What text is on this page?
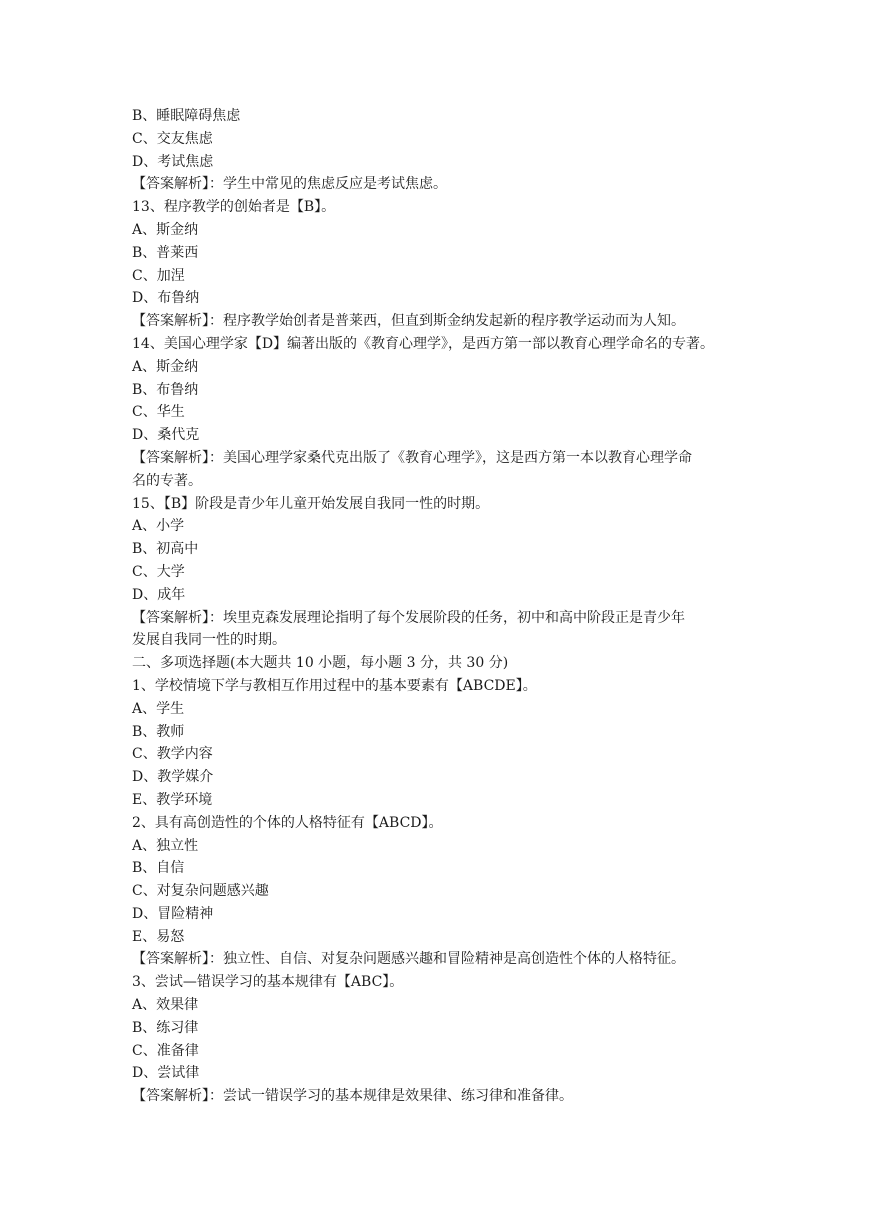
B、睡眠障碍焦虑
C、交友焦虑
D、考试焦虑
【答案解析】：学生中常见的焦虑反应是考试焦虑。
13、程序教学的创始者是【B】。
A、斯金纳
B、普莱西
C、加涅
D、布鲁纳
【答案解析】：程序教学始创者是普莱西，但直到斯金纳发起新的程序教学运动而为人知。
14、美国心理学家【D】编著出版的《教育心理学》，是西方第一部以教育心理学命名的专著。
A、斯金纳
B、布鲁纳
C、华生
D、桑代克
【答案解析】：美国心理学家桑代克出版了《教育心理学》，这是西方第一本以教育心理学命
名的专著。
15、【B】阶段是青少年儿童开始发展自我同一性的时期。
A、小学
B、初高中
C、大学
D、成年
【答案解析】：埃里克森发展理论指明了每个发展阶段的任务，初中和高中阶段正是青少年
发展自我同一性的时期。
二、多项选择题(本大题共 10 小题，每小题 3 分，共 30 分)
1、学校情境下学与教相互作用过程中的基本要素有【ABCDE】。
A、学生
B、教师
C、教学内容
D、教学媒介
E、教学环境
2、具有高创造性的个体的人格特征有【ABCD】。
A、独立性
B、自信
C、对复杂问题感兴趣
D、冒险精神
E、易怒
【答案解析】：独立性、自信、对复杂问题感兴趣和冒险精神是高创造性个体的人格特征。
3、尝试—错误学习的基本规律有【ABC】。
A、效果律
B、练习律
C、准备律
D、尝试律
【答案解析】：尝试一错误学习的基本规律是效果律、练习律和准备律。
